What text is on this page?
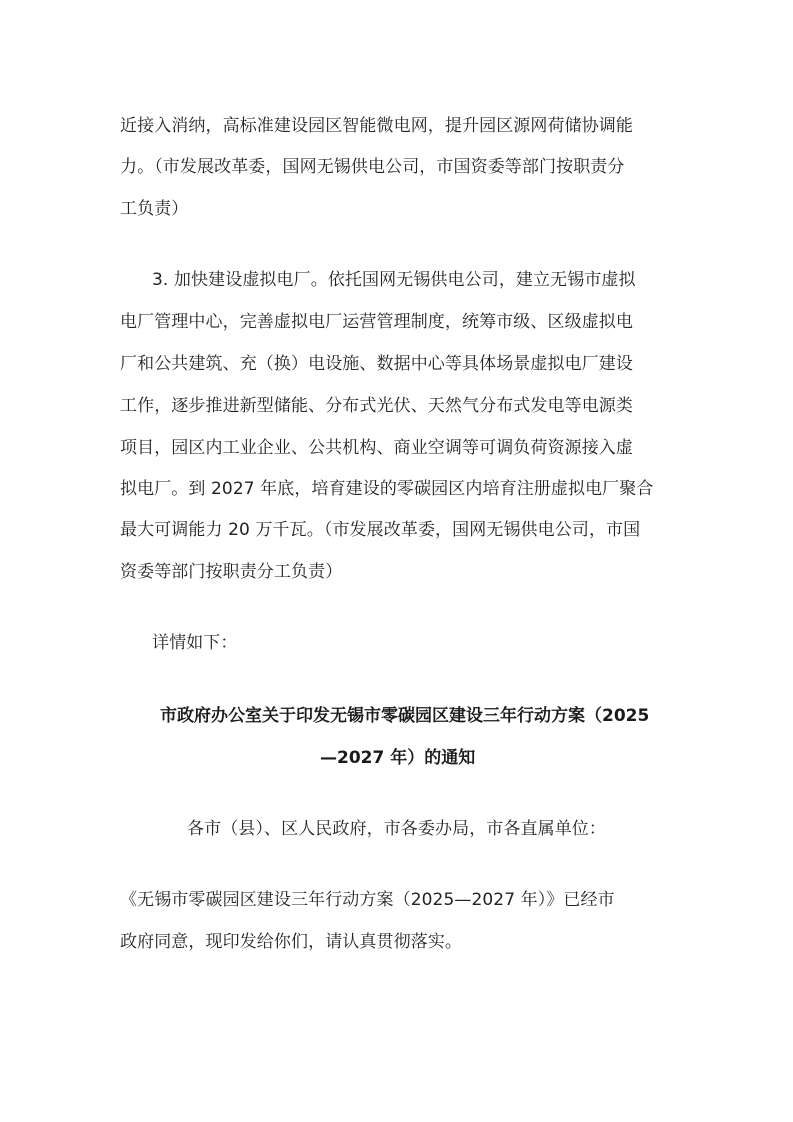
近接入消纳，高标准建设园区智能微电网，提升园区源网荷储协调能
力。（市发展改革委，国网无锡供电公司，市国资委等部门按职责分
工负责）
3. 加快建设虚拟电厂。依托国网无锡供电公司，建立无锡市虚拟
电厂管理中心，完善虚拟电厂运营管理制度，统筹市级、区级虚拟电
厂和公共建筑、充（换）电设施、数据中心等具体场景虚拟电厂建设
工作，逐步推进新型储能、分布式光伏、天然气分布式发电等电源类
项目，园区内工业企业、公共机构、商业空调等可调负荷资源接入虚
拟电厂。到 2027 年底，培育建设的零碳园区内培育注册虚拟电厂聚合
最大可调能力 20 万千瓦。（市发展改革委，国网无锡供电公司，市国
资委等部门按职责分工负责）
详情如下：
市政府办公室关于印发无锡市零碳园区建设三年行动方案（2025
—2027 年）的通知
各市（县）、区人民政府，市各委办局，市各直属单位：
《无锡市零碳园区建设三年行动方案（2025—2027 年）》已经市
政府同意，现印发给你们，请认真贯彻落实。
